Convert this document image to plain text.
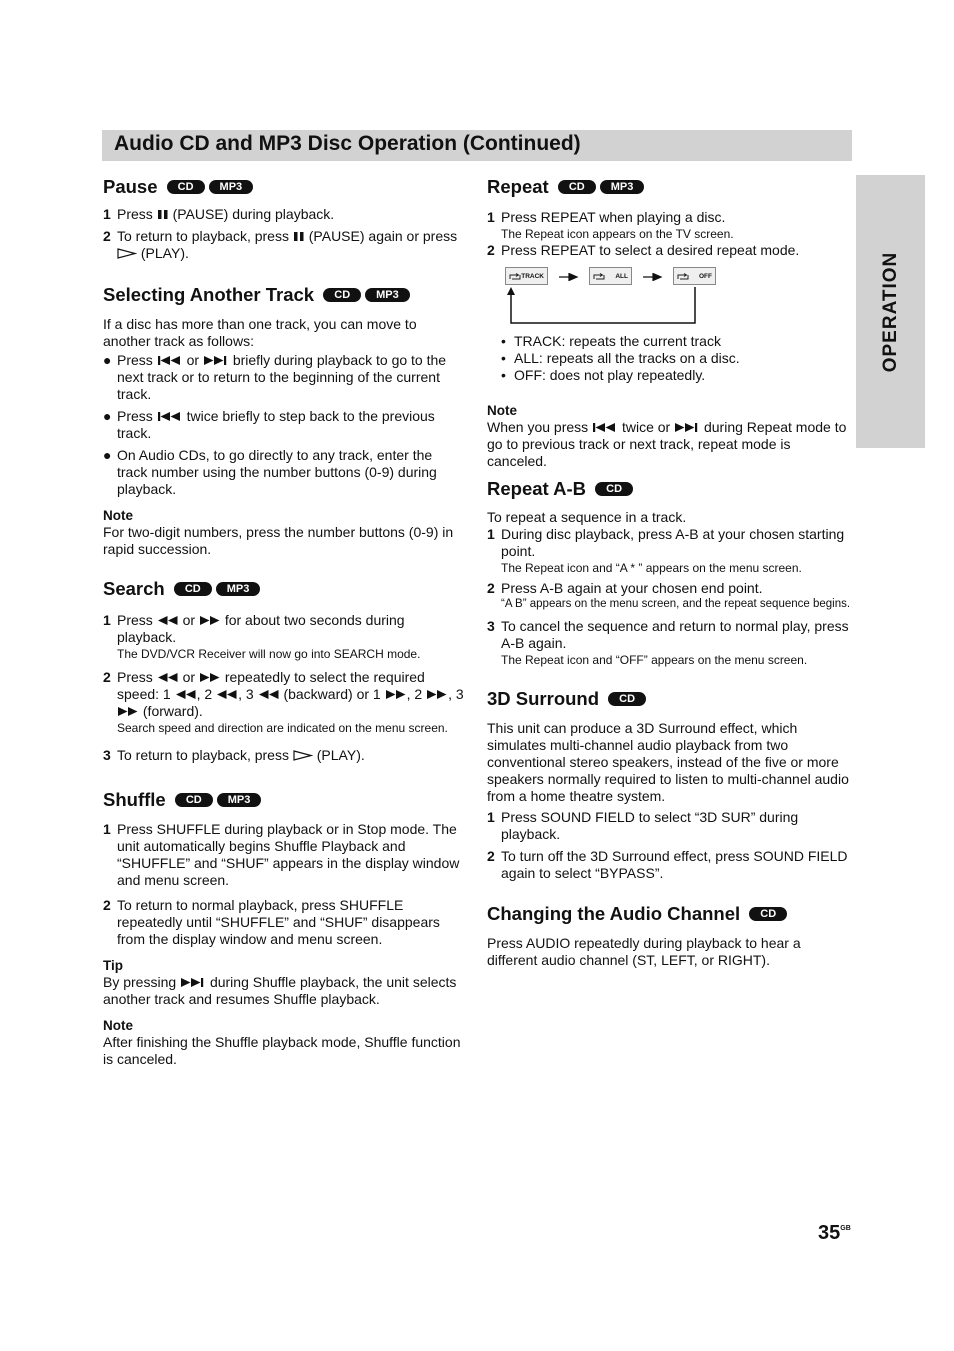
Audio CD and MP3 Disc Operation (Continued)
OPERATION
Pause CD MP3

1 Press (PAUSE) during playback.

2 To return to playback, press (PAUSE) again or press  (PLAY).

Selecting Another Track CD MP3

If a disc has more than one track, you can move to another track as follows:

● Press or briefly during playback to go to the next track or to return to the beginning of the current track.

● Press twice briefly to step back to the previous track.

● On Audio CDs, to go directly to any track, enter the track number using the number buttons (0-9) during playback.

Note

For two-digit numbers, press the number buttons (0-9) in rapid succession.

Search CD MP3

1 Press or for about two seconds during playback.
The DVD/VCR Receiver will now go into SEARCH mode.

2 Press or repeatedly to select the required speed: 1 , 2 , 3 (backward) or 1 , 2 , 3  (forward).
Search speed and direction are indicated on the menu screen.

3 To return to playback, press (PLAY).

Shuffle CD MP3

1 Press SHUFFLE during playback or in Stop mode. The unit automatically begins Shuffle Playback and “SHUFFLE” and “SHUF” appears in the display window and menu screen.

2 To return to normal playback, press SHUFFLE repeatedly until “SHUFFLE” and “SHUF” disappears from the display window and menu screen.

Tip

By pressing during Shuffle playback, the unit selects another track and resumes Shuffle playback.

Note

After finishing the Shuffle playback mode, Shuffle function is canceled.

Repeat CD MP3

1 Press REPEAT when playing a disc.
The Repeat icon appears on the TV screen.

2 Press REPEAT to select a desired repeat mode.

TRACK	ALL	OFF

• TRACK: repeats the current track

• ALL: repeats all the tracks on a disc.

• OFF: does not play repeatedly.

Note

When you press twice or during Repeat mode to go to previous track or next track, repeat mode is canceled.

Repeat A-B CD

To repeat a sequence in a track.

1 During disc playback, press A-B at your chosen starting point.
The Repeat icon and “A * ” appears on the menu screen.

2 Press A-B again at your chosen end point.
“A B” appears on the menu screen, and the repeat sequence begins.

3 To cancel the sequence and return to normal play, press A-B again.
The Repeat icon and “OFF” appears on the menu screen.

3D Surround CD

This unit can produce a 3D Surround effect, which simulates multi-channel audio playback from two conventional stereo speakers, instead of the five or more speakers normally required to listen to multi-channel audio from a home theatre system.

1 Press SOUND FIELD to select “3D SUR” during playback.

2 To turn off the 3D Surround effect, press SOUND FIELD again to select “BYPASS”.

Changing the Audio Channel CD

Press AUDIO repeatedly during playback to hear a different audio channel (ST, LEFT, or RIGHT).

$35^{GB}$
